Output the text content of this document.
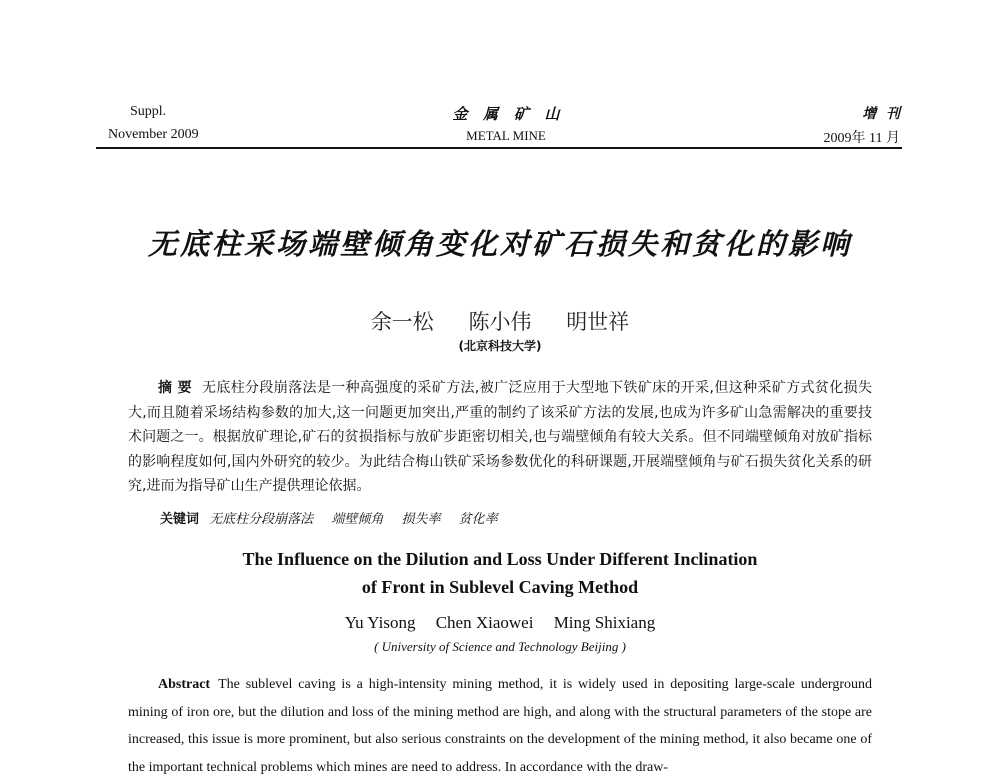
Suppl.
November 2009
金   属   矿   山
METAL MINE
增  刊
2009年 11 月
无底柱采场端壁倾角变化对矿石损失和贫化的影响
余一松 陈小伟 明世祥
(北京科技大学)
摘 要 无底柱分段崩落法是一种高强度的采矿方法,被广泛应用于大型地下铁矿床的开采,但这种采矿方式贫化损失大,而且随着采场结构参数的加大,这一问题更加突出,严重的制约了该采矿方法的发展,也成为许多矿山急需解决的重要技术问题之一。根据放矿理论,矿石的贫损指标与放矿步距密切相关,也与端壁倾角有较大关系。但不同端壁倾角对放矿指标的影响程度如何,国内外研究的较少。为此结合梅山铁矿采场参数优化的科研课题,开展端壁倾角与矿石损失贫化关系的研究,进而为指导矿山生产提供理论依据。
关键词 无底柱分段崩落法 端壁倾角 损失率 贫化率
The Influence on the Dilution and Loss Under Different Inclination
of Front in Sublevel Caving Method
Yu Yisong Chen Xiaowei Ming Shixiang
( University of Science and Technology Beijing )
Abstract The sublevel caving is a high-intensity mining method, it is widely used in depositing large-scale underground mining of iron ore, but the dilution and loss of the mining method are high, and along with the structural parameters of the stope are increased, this issue is more prominent, but also serious constraints on the development of the mining method, it also became one of the important technical problems which mines are need to address. In accordance with the draw-
